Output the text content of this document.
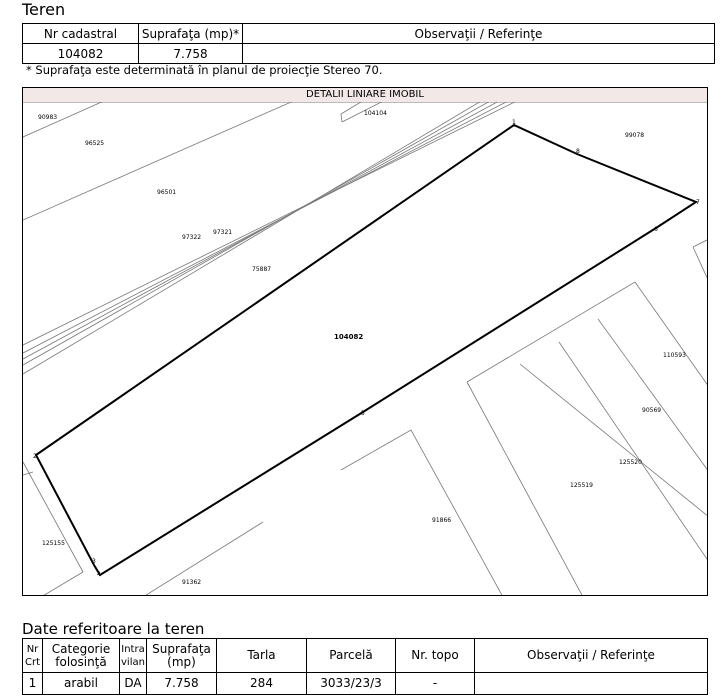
Teren
Nr cadastral	Suprafaţa (mp)*	Observaţii / Referinţe
104082	7.758	
* Suprafaţa este determinată în planul de proiecţie Stereo 70.
DETALII LINIARE IMOBIL
90983
96525
104104
99078
96501
97322
97321
75887
104082
110593
90569
125520
125519
91866
125155
91362
1
8
7
6
5
2
3
4
Date referitoare la teren
Nr Crt	Categorie folosinţă	Intra vilan	Suprafaţa (mp)	Tarla	Parcelă	Nr. topo	Observaţii / Referinţe
1	arabil	DA	7.758	284	3033/23/3	-	
